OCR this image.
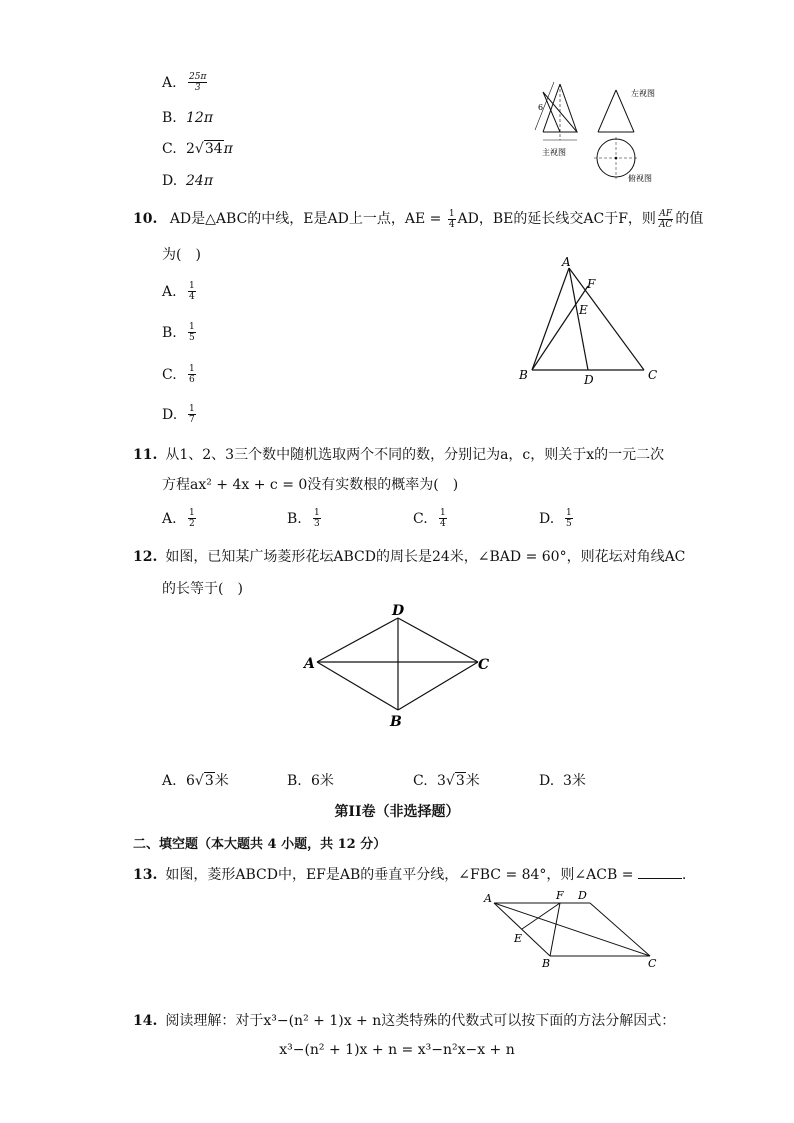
A. $\frac{25\pi}{3}$
B. 12π
C. 2√34π
D. 24π
6
主视图
左视图
俯视图
10. AD是△ABC的中线，E是AD上一点，AE = $\frac{1}{4}$ AD，BE的延长线交AC于F，则 $\frac{AF}{AC}$ 的值
为(　)
A. $\frac{1}{4}$
B. $\frac{1}{5}$
C. $\frac{1}{6}$
D. $\frac{1}{7}$
A
F
E
B	D	C
11. 从1、2、3三个数中随机选取两个不同的数，分别记为a，c，则关于x的一元二次
方程ax² + 4x + c = 0没有实数根的概率为(　)
A. $\frac{1}{2}$	B. $\frac{1}{3}$	C. $\frac{1}{4}$	D. $\frac{1}{5}$
12. 如图，已知某广场菱形花坛ABCD的周长是24米，∠BAD = 60°，则花坛对角线AC
的长等于(　)
D
A	C
B
A. 6√3米	B. 6米	C. 3√3米	D. 3米
第II卷（非选择题）
二、填空题（本大题共 4 小题，共 12 分）
13. 如图，菱形ABCD中，EF是AB的垂直平分线，∠FBC = 84°，则∠ACB =	.
A	F D
E
B	C
14. 阅读理解：对于x³−(n² + 1)x + n这类特殊的代数式可以按下面的方法分解因式：
x³−(n² + 1)x + n = x³−n²x−x + n
